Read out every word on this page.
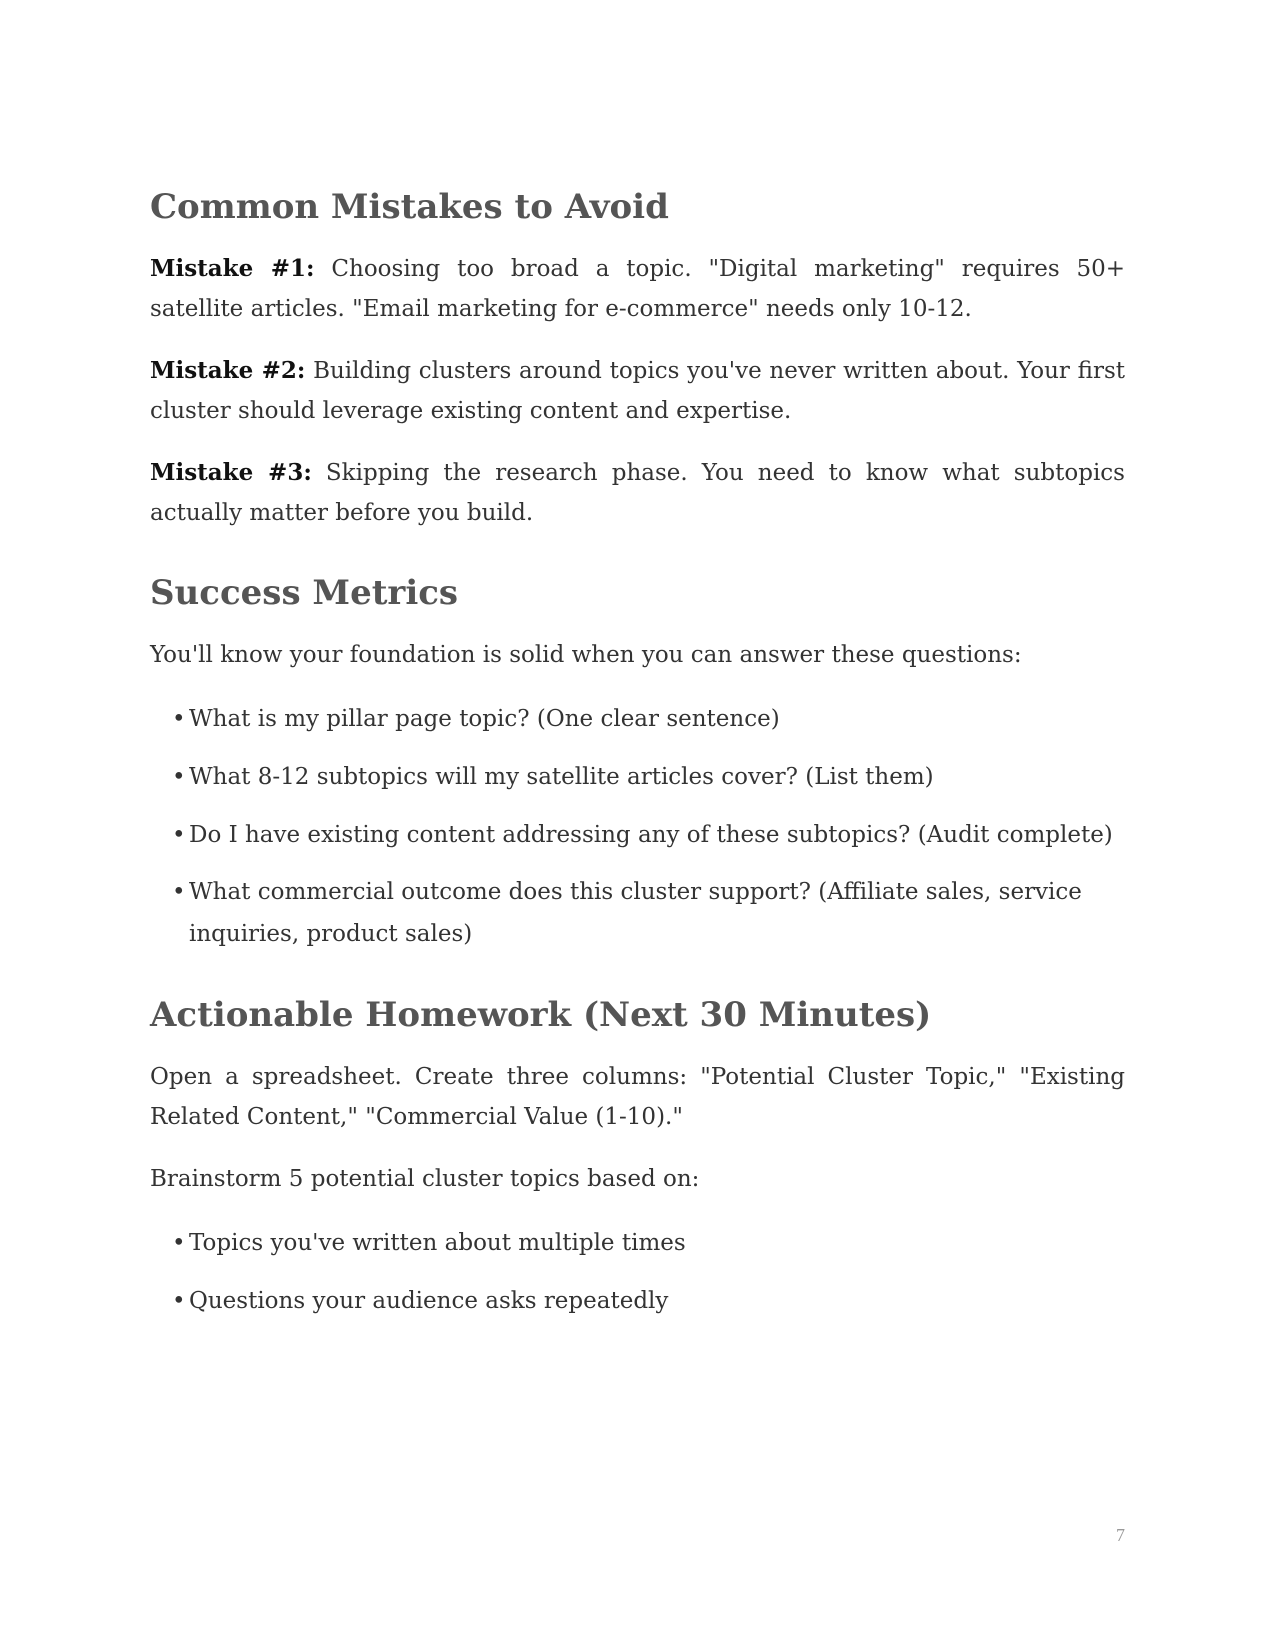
Common Mistakes to Avoid

Mistake #1: Choosing too broad a topic. "Digital marketing" requires 50+ satellite articles. "Email marketing for e-commerce" needs only 10-12.

Mistake #2: Building clusters around topics you've never written about. Your first cluster should leverage existing content and expertise.

Mistake #3: Skipping the research phase. You need to know what subtopics actually matter before you build.

Success Metrics

You'll know your foundation is solid when you can answer these questions:

• What is my pillar page topic? (One clear sentence)
• What 8-12 subtopics will my satellite articles cover? (List them)
• Do I have existing content addressing any of these subtopics? (Audit complete)
• What commercial outcome does this cluster support? (Affiliate sales, service inquiries, product sales)
Actionable Homework (Next 30 Minutes)

Open a spreadsheet. Create three columns: "Potential Cluster Topic," "Existing Related Content," "Commercial Value (1-10)."

Brainstorm 5 potential cluster topics based on:

• Topics you've written about multiple times
• Questions your audience asks repeatedly
7
